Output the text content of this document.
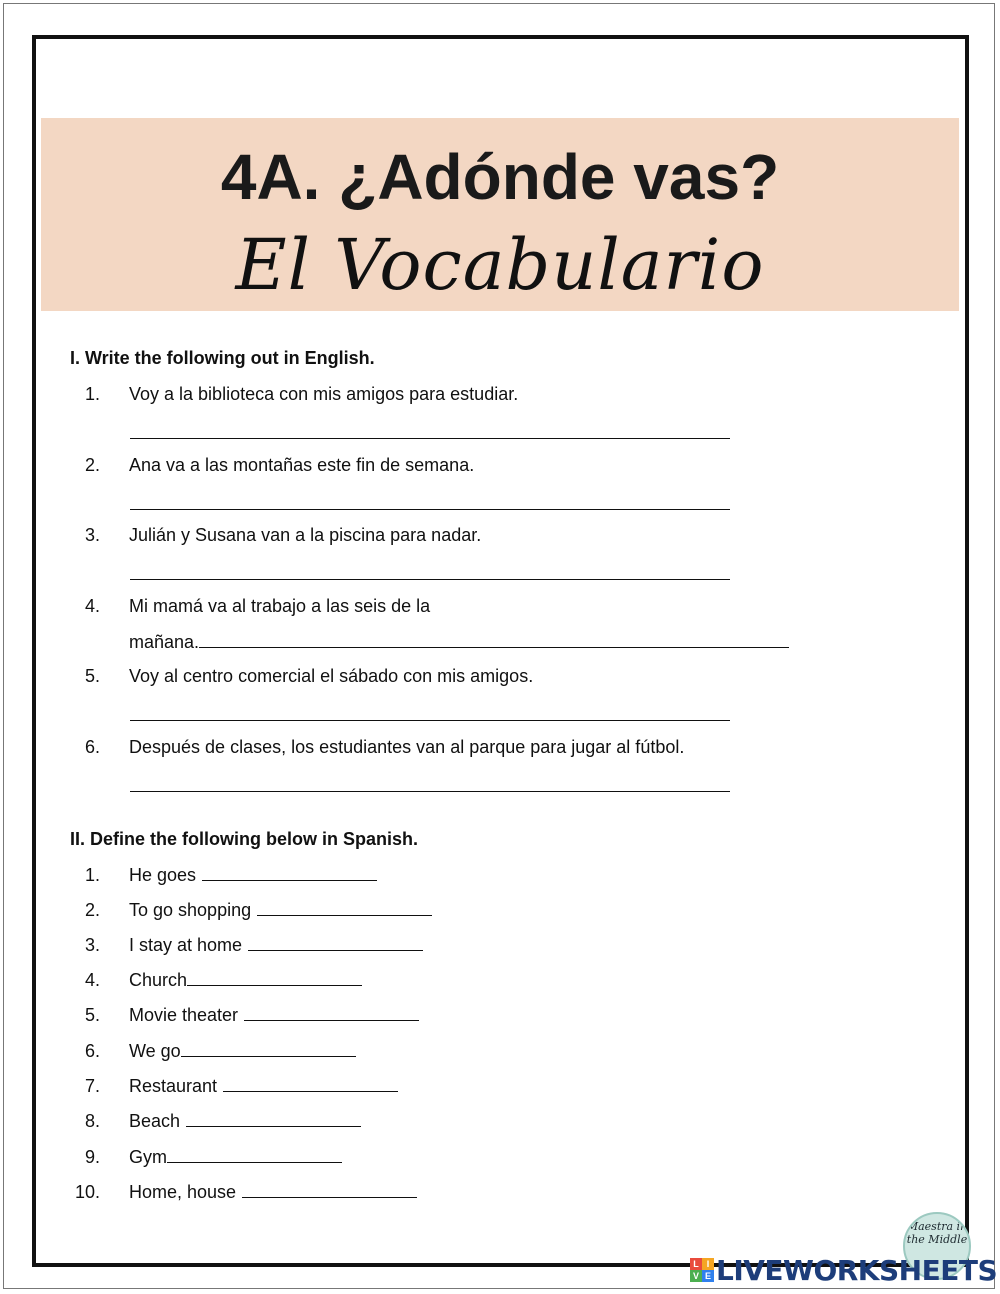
4A. ¿Adónde vas?
El Vocabulario
I. Write the following out in English.
1. Voy a la biblioteca con mis amigos para estudiar.
2. Ana va a las montañas este fin de semana.
3. Julián y Susana van a la piscina para nadar.
4. Mi mamá va al trabajo a las seis de la
mañana.
5. Voy al centro comercial el sábado con mis amigos.
6. Después de clases, los estudiantes van al parque para jugar al fútbol.
II. Define the following below in Spanish.
1. He goes
2. To go shopping
3. I stay at home
4. Church
5. Movie theater
6. We go
7. Restaurant
8. Beach
9. Gym
10. Home, house
Maestra in the Middle
L I
V E LIVEWORKSHEETS
